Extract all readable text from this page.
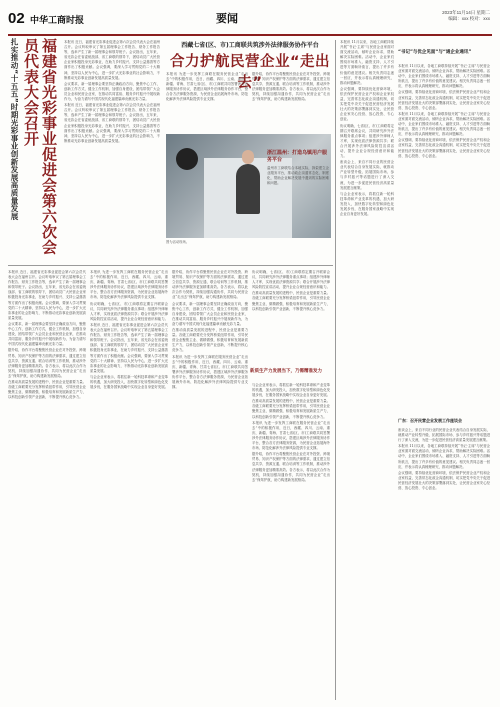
02 中华工商时报	要闻	2023年11月14日 星期二
编辑：xxx 校对：xxx
扎实推动“十五五”时期光彩事业创新发展高质量发展	福建省光彩事业促进会第六次会员代表大会召开	本报讯 近日，福建省光彩事业促进会第六次会员代表大会在福州召开。会议听取审议了第五届理事会工作报告、财务工作报告等，选举产生了新一届理事会和领导班子。会议指出，五年来，省光彩会在省委统战部、省工商联的领导下，团结动员广大民营企业家积极投身光彩事业，在助力乡村振兴、支持公益慈善等方面作出了积极贡献。会议强调，要深入学习贯彻党的二十大精神，坚持以人民为中心，进一步扩大光彩事业的社会影响力，不断推动光彩事业创新发展高质量发展。

会议要求，新一届理事会要坚持正确政治方向，聚焦中心工作，创新工作方式，健全工作机制，加强自身建设，团结带领广大会员企业和民营企业家，在推动共同富裕、服务乡村振兴中展现新作为，为奋力谱写中国式现代化福建篇章贡献光彩力量。

本报讯 近日，福建省光彩事业促进会第六次会员代表大会在福州召开。会议听取审议了第五届理事会工作报告、财务工作报告等，选举产生了新一届理事会和领导班子。会议指出，五年来，省光彩会在省委统战部、省工商联的领导下，团结动员广大民营企业家积极投身光彩事业，在助力乡村振兴、支持公益慈善等方面作出了积极贡献。会议强调，要深入学习贯彻党的二十大精神，坚持以人民为中心，进一步扩大光彩事业的社会影响力，不断推动光彩事业创新发展高质量发展。

本报讯 近日，福建省光彩事业促进会第六次会员代表大会在福州召开。会议听取审议了第五届理事会工作报告、财务工作报告等，选举产生了新一届理事会和领导班子。会议指出，五年来，省光彩会在省委统战部、省工商联的领导下，团结动员广大民营企业家积极投身光彩事业，在助力乡村振兴、支持公益慈善等方面作出了积极贡献。会议强调，要深入学习贯彻党的二十大精神，坚持以人民为中心，进一步扩大光彩事业的社会影响力，不断推动光彩事业创新发展高质量发展。

会议要求，新一届理事会要坚持正确政治方向，聚焦中心工作，创新工作方式，健全工作机制，加强自身建设，团结带领广大会员企业和民营企业家，在推动共同富裕、服务乡村振兴中展现新作为，为奋力谱写中国式现代化福建篇章贡献光彩力量。

据介绍，协作平台将聚焦民营企业在对外投资、跨境贸易、知识产权保护等方面的法律需求，通过建立信息共享、资源互通、联合培训等工作机制，推动涉外法律服务更加精准高效。各方表示，将以此次合作为契机，持续加强沟通协作，共同为民营企业“走出去”保驾护航，助力构建新发展格局。

在推动高质量发展的进程中，民营企业是重要力量。各级工商联要充分发挥桥梁纽带作用，引导民营企业聚焦主业、做精做强，积极培育和发展新质生产力，以科技创新引领产业创新，不断提升核心竞争力。

本报讯 为进一步发挥工商联在服务民营企业“走出去”中的积极作用，近日，西藏、四川、云南、重庆、新疆、青海、甘肃七省(区、市)工商联共同签署涉外法律服务协作协议，搭建区域涉外法律服务协作平台，整合各方法律服务资源，为民营企业拓展海外市场、防范化解涉外法律风险提供专业支撑。

协议明确，七省(区、市)工商联将定期召开联席会议，共同研究涉外法律服务重点事项；组建涉外律师人才库，实现优质法律资源共享；联合开展涉外法律风险防控宣讲活动，提升企业合规经营意识和能力。

本报讯 近日，福建省光彩事业促进会第六次会员代表大会在福州召开。会议听取审议了第五届理事会工作报告、财务工作报告等，选举产生了新一届理事会和领导班子。会议指出，五年来，省光彩会在省委统战部、省工商联的领导下，团结动员广大民营企业家积极投身光彩事业，在助力乡村振兴、支持公益慈善等方面作出了积极贡献。会议强调，要深入学习贯彻党的二十大精神，坚持以人民为中心，进一步扩大光彩事业的社会影响力，不断推动光彩事业创新发展高质量发展。

与会企业家表示，将抓住新一轮科技革命和产业变革的机遇，加大研发投入，加快数字化转型和绿色化发展步伐，在服务国家战略中实现企业自身更好发展。

据介绍，协作平台将聚焦民营企业在对外投资、跨境贸易、知识产权保护等方面的法律需求，通过建立信息共享、资源互通、联合培训等工作机制，推动涉外法律服务更加精准高效。各方表示，将以此次合作为契机，持续加强沟通协作，共同为民营企业“走出去”保驾护航，助力构建新发展格局。

会议要求，新一届理事会要坚持正确政治方向，聚焦中心工作，创新工作方式，健全工作机制，加强自身建设，团结带领广大会员企业和民营企业家，在推动共同富裕、服务乡村振兴中展现新作为，为奋力谱写中国式现代化福建篇章贡献光彩力量。

在推动高质量发展的进程中，民营企业是重要力量。各级工商联要充分发挥桥梁纽带作用，引导民营企业聚焦主业、做精做强，积极培育和发展新质生产力，以科技创新引领产业创新，不断提升核心竞争力。

本报讯 为进一步发挥工商联在服务民营企业“走出去”中的积极作用，近日，西藏、四川、云南、重庆、新疆、青海、甘肃七省(区、市)工商联共同签署涉外法律服务协作协议，搭建区域涉外法律服务协作平台，整合各方法律服务资源，为民营企业拓展海外市场、防范化解涉外法律风险提供专业支撑。

西藏七省(区、市)工商联共筑涉外法律服务协作平台
合力护航民营企业“走出去”

本报讯 为进一步发挥工商联在服务民营企业“走出去”中的积极作用，近日，西藏、四川、云南、重庆、新疆、青海、甘肃七省(区、市)工商联共同签署涉外法律服务协作协议，搭建区域涉外法律服务协作平台，整合各方法律服务资源，为民营企业拓展海外市场、防范化解涉外法律风险提供专业支撑。

据介绍，协作平台将聚焦民营企业在对外投资、跨境贸易、知识产权保护等方面的法律需求，通过建立信息共享、资源互通、联合培训等工作机制，推动涉外法律服务更加精准高效。各方表示，将以此次合作为契机，持续加强沟通协作，共同为民营企业“走出去”保驾护航，助力构建新发展格局。

图为活动现场。
浙江温州：打造乌镇用户服务平台

温州市工商联结合本地实际，探索建立企业服务平台，推动政企沟通常态化、制度化，帮助企业解决发展中遇到的实际困难和问题。

协议明确，七省(区、市)工商联将定期召开联席会议，共同研究涉外法律服务重点事项；组建涉外律师人才库，实现优质法律资源共享；联合开展涉外法律风险防控宣讲活动，提升企业合规经营意识和能力。

在推动高质量发展的进程中，民营企业是重要力量。各级工商联要充分发挥桥梁纽带作用，引导民营企业聚焦主业、做精做强，积极培育和发展新质生产力，以科技创新引领产业创新，不断提升核心竞争力。

新质生产力发展当下，乃需精准发力

与会企业家表示，将抓住新一轮科技革命和产业变革的机遇，加大研发投入，加快数字化转型和绿色化发展步伐，在服务国家战略中实现企业自身更好发展。

在推动高质量发展的进程中，民营企业是重要力量。各级工商联要充分发挥桥梁纽带作用，引导民营企业聚焦主业、做精做强，积极培育和发展新质生产力，以科技创新引领产业创新，不断提升核心竞争力。

本报讯 为进一步发挥工商联在服务民营企业“走出去”中的积极作用，近日，西藏、四川、云南、重庆、新疆、青海、甘肃七省(区、市)工商联共同签署涉外法律服务协作协议，搭建区域涉外法律服务协作平台，整合各方法律服务资源，为民营企业拓展海外市场、防范化解涉外法律风险提供专业支撑。

据介绍，协作平台将聚焦民营企业在对外投资、跨境贸易、知识产权保护等方面的法律需求，通过建立信息共享、资源互通、联合培训等工作机制，推动涉外法律服务更加精准高效。各方表示，将以此次合作为契机，持续加强沟通协作，共同为民营企业“走出去”保驾护航，助力构建新发展格局。

本报讯 11月以来，各地工商联持续开展“书记·主席”与民营企业家面对面交流活动，倾听企业诉求，帮助解决实际困难。活动中，企业家们围绕市场准入、融资支持、人才引进等方面畅所欲言，提出了许多有价值的意见建议。相关负责同志逐一回应，并表示将认真梳理研究，推动问题解决。

会议强调，要持续优化营商环境，依法保护民营企业产权和企业家权益，完善常态化政企沟通机制，切实把党中央关于促进民营经济发展壮大的决策部署落到实处，让民营企业家安心经营、放心投资、专心创业。

协议明确，七省(区、市)工商联将定期召开联席会议，共同研究涉外法律服务重点事项；组建涉外律师人才库，实现优质法律资源共享；联合开展涉外法律风险防控宣讲活动，提升企业合规经营意识和能力。

座谈会上，来自不同行业的民营企业代表结合自身发展实际，就推动产业转型升级、拓展国际市场、参与乡村振兴等话题进行了深入交流，为进一步促进民营经济高质量发展建言献策。

与会企业家表示，将抓住新一轮科技革命和产业变革的机遇，加大研发投入，加快数字化转型和绿色化发展步伐，在服务国家战略中实现企业自身更好发展。

“书记”与优企见面“与“通企业通讯”

本报讯 11月以来，各地工商联持续开展“书记·主席”与民营企业家面对面交流活动，倾听企业诉求，帮助解决实际困难。活动中，企业家们围绕市场准入、融资支持、人才引进等方面畅所欲言，提出了许多有价值的意见建议。相关负责同志逐一回应，并表示将认真梳理研究，推动问题解决。

会议强调，要持续优化营商环境，依法保护民营企业产权和企业家权益，完善常态化政企沟通机制，切实把党中央关于促进民营经济发展壮大的决策部署落到实处，让民营企业家安心经营、放心投资、专心创业。

本报讯 11月以来，各地工商联持续开展“书记·主席”与民营企业家面对面交流活动，倾听企业诉求，帮助解决实际困难。活动中，企业家们围绕市场准入、融资支持、人才引进等方面畅所欲言，提出了许多有价值的意见建议。相关负责同志逐一回应，并表示将认真梳理研究，推动问题解决。

会议强调，要持续优化营商环境，依法保护民营企业产权和企业家权益，完善常态化政企沟通机制，切实把党中央关于促进民营经济发展壮大的决策部署落到实处，让民营企业家安心经营、放心投资、专心创业。

广东：召开民营企业发展工作座谈会

座谈会上，来自不同行业的民营企业代表结合自身发展实际，就推动产业转型升级、拓展国际市场、参与乡村振兴等话题进行了深入交流，为进一步促进民营经济高质量发展建言献策。

本报讯 11月以来，各地工商联持续开展“书记·主席”与民营企业家面对面交流活动，倾听企业诉求，帮助解决实际困难。活动中，企业家们围绕市场准入、融资支持、人才引进等方面畅所欲言，提出了许多有价值的意见建议。相关负责同志逐一回应，并表示将认真梳理研究，推动问题解决。

会议强调，要持续优化营商环境，依法保护民营企业产权和企业家权益，完善常态化政企沟通机制，切实把党中央关于促进民营经济发展壮大的决策部署落到实处，让民营企业家安心经营、放心投资、专心创业。
